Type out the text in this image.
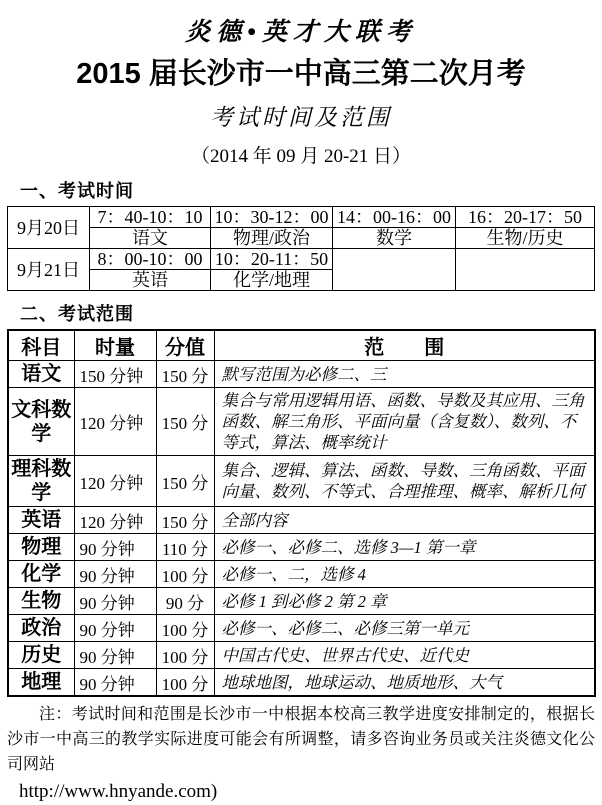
炎德•英才大联考
2015 届长沙市一中高三第二次月考
考试时间及范围
（2014 年 09 月 20-21 日）
一、考试时间
9月20日	7：40-10：10	10：30-12：00	14：00-16：00	16：20-17：50
	语文	物理/政治	数学	生物/历史
9月21日	8：00-10：00	10：20-11：50		
	英语	化学/地理		
二、考试范围
科目	时量	分值	范　　围
语文	150 分钟	150 分	默写范围为必修二、三
文科数学	120 分钟	150 分	集合与常用逻辑用语、函数、导数及其应用、三角函数、解三角形、平面向量（含复数）、数列、不等式，算法、概率统计
理科数学	120 分钟	150 分	集合、逻辑、算法、函数、导数、三角函数、平面向量、数列、不等式、合理推理、概率、解析几何
英语	120 分钟	150 分	全部内容
物理	90 分钟	110 分	必修一、必修二、选修 3—1 第一章
化学	90 分钟	100 分	必修一、二，选修 4
生物	90 分钟	90 分	必修 1 到必修 2 第 2 章
政治	90 分钟	100 分	必修一、必修二、必修三第一单元
历史	90 分钟	100 分	中国古代史、世界古代史、近代史
地理	90 分钟	100 分	地球地图，地球运动、地质地形、大气
注：考试时间和范围是长沙市一中根据本校高三教学进度安排制定的，根据长沙市一中高三的教学实际进度可能会有所调整，请多咨询业务员或关注炎德文化公司网站
http://www.hnyande.com)
